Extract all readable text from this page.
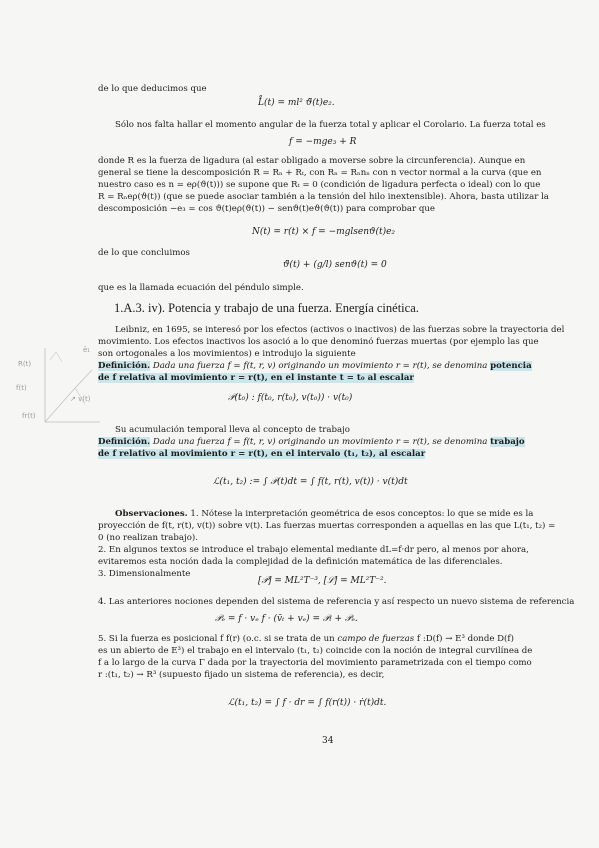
ē₁
R(t)
f(t)
↗ v(t)
fr(t)
de lo que deducimos que
L̊(t) = ml² ϑ̈(t)e₂.
Sólo nos falta hallar el momento angular de la fuerza total y aplicar el Corolario. La fuerza total es
f = −mge₃ + R
donde R es la fuerza de ligadura (al estar obligado a moverse sobre la circunferencia). Aunque en
general se tiene la descomposición R = Rₙ + Rₜ, con Rₙ = Rₙnₙ con n vector normal a la curva (que en
nuestro caso es n = eρ(ϑ(t))) se supone que Rₜ = 0 (condición de ligadura perfecta o ideal) con lo que
R = Rₙeρ(ϑ(t)) (que se puede asociar también a la tensión del hilo inextensible). Ahora, basta utilizar la
descomposición −e₃ = cos ϑ(t)eρ(ϑ(t)) − senϑ(t)eϑ(ϑ(t)) para comprobar que
N(t) = r(t) × f = −mglsenϑ(t)e₂
de lo que concluimos
ϑ̈(t) + (g/l) senϑ(t) = 0
que es la llamada ecuación del péndulo simple.
1.A.3. iv). Potencia y trabajo de una fuerza. Energía cinética.
Leibniz, en 1695, se interesó por los efectos (activos o inactivos) de las fuerzas sobre la trayectoria del
movimiento. Los efectos inactivos los asoció a lo que denominó fuerzas muertas (por ejemplo las que
son ortogonales a los movimientos) e introdujo la siguiente
Definición. Dada una fuerza f = f(t, r, v) originando un movimiento r = r(t), se denomina potencia
de f relativa al movimiento r = r(t), en el instante t = t₀ al escalar
𝒫(t₀) : f(t₀, r(t₀), v(t₀)) · v(t₀)
Su acumulación temporal lleva al concepto de trabajo
Definición. Dada una fuerza f = f(t, r, v) originando un movimiento r = r(t), se denomina trabajo
de f relativo al movimiento r = r(t), en el intervalo (t₁, t₂), al escalar
ℒ(t₁, t₂) := ∫ 𝒫(t)dt = ∫ f(t, r(t), v(t)) · v(t)dt
Observaciones. 1. Nótese la interpretación geométrica de esos conceptos: lo que se mide es la
proyección de f(t, r(t), v(t)) sobre v(t). Las fuerzas muertas corresponden a aquellas en las que L(t₁, t₂) =
0 (no realizan trabajo).
2. En algunos textos se introduce el trabajo elemental mediante dL=f·dr pero, al menos por ahora,
evitaremos esta noción dada la complejidad de la definición matemática de las diferenciales.
3. Dimensionalmente
[𝒫] = ML²T⁻³, [ℒ] = ML²T⁻².
4. Las anteriores nociones dependen del sistema de referencia y así respecto un nuevo sistema de referencia
𝒫ₑ = f · vₑ f · (v̄ₜ + vₑ) = 𝒫ₜ + 𝒫ₑ.
5. Si la fuerza es posicional f f(r) (o.c. si se trata de un campo de fuerzas f :D(f) → E³ donde D(f)
es un abierto de E³) el trabajo en el intervalo (t₁, t₂) coincide con la noción de integral curvilínea de
f a lo largo de la curva Γ dada por la trayectoria del movimiento parametrizada con el tiempo como
r :(t₁, t₂) → R³ (supuesto fijado un sistema de referencia), es decir,
ℒ(t₁, t₂) = ∫ f · dr = ∫ f(r(t)) · ṙ(t)dt.
34
